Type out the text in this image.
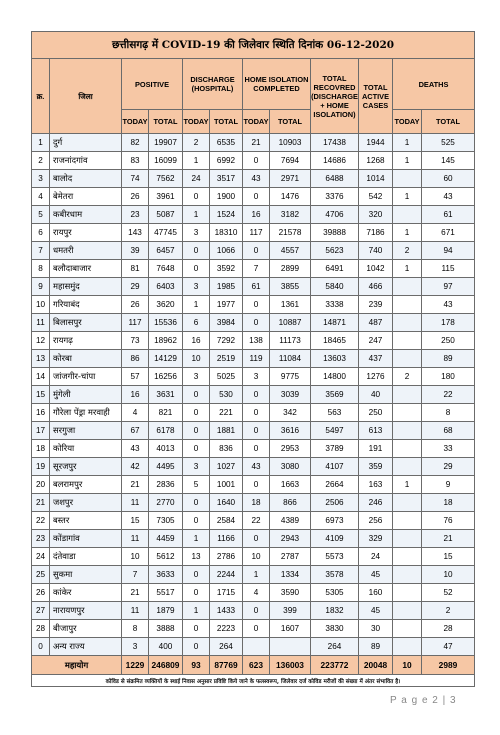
छत्तीसगढ़ में COVID-19 की जिलेवार स्थिति दिनांक 06-12-2020											
क्र.	जिला	POSITIVE		DISCHARGE (HOSPITAL)		HOME ISOLATION COMPLETED		TOTAL RECOVRED (DISCHARGE + HOME ISOLATION)	TOTAL ACTIVE CASES	DEATHS	
		TODAY	TOTAL	TODAY	TOTAL	TODAY	TOTAL			TODAY	TOTAL
1	दुर्ग	82	19907	2	6535	21	10903	17438	1944	1	525
2	राजनांदगांव	83	16099	1	6992	0	7694	14686	1268	1	145
3	बालोद	74	7562	24	3517	43	2971	6488	1014		60
4	बेमेतरा	26	3961	0	1900	0	1476	3376	542	1	43
5	कबीरधाम	23	5087	1	1524	16	3182	4706	320		61
6	रायपुर	143	47745	3	18310	117	21578	39888	7186	1	671
7	धमतरी	39	6457	0	1066	0	4557	5623	740	2	94
8	बलौदाबाजार	81	7648	0	3592	7	2899	6491	1042	1	115
9	महासमुंद	29	6403	3	1985	61	3855	5840	466		97
10	गरियाबंद	26	3620	1	1977	0	1361	3338	239		43
11	बिलासपुर	117	15536	6	3984	0	10887	14871	487		178
12	रायगढ़	73	18962	16	7292	138	11173	18465	247		250
13	कोरबा	86	14129	10	2519	119	11084	13603	437		89
14	जांजगीर-चांपा	57	16256	3	5025	3	9775	14800	1276	2	180
15	मुंगेली	16	3631	0	530	0	3039	3569	40		22
16	गौरेला पेंड्रा मरवाही	4	821	0	221	0	342	563	250		8
17	सरगुजा	67	6178	0	1881	0	3616	5497	613		68
18	कोरिया	43	4013	0	836	0	2953	3789	191		33
19	सूरजपुर	42	4495	3	1027	43	3080	4107	359		29
20	बलरामपुर	21	2836	5	1001	0	1663	2664	163	1	9
21	जशपुर	11	2770	0	1640	18	866	2506	246		18
22	बस्तर	15	7305	0	2584	22	4389	6973	256		76
23	कोंडागांव	11	4459	1	1166	0	2943	4109	329		21
24	दंतेवाडा	10	5612	13	2786	10	2787	5573	24		15
25	सुकमा	7	3633	0	2244	1	1334	3578	45		10
26	कांकेर	21	5517	0	1715	4	3590	5305	160		52
27	नारायणपुर	11	1879	1	1433	0	399	1832	45		2
28	बीजापुर	8	3888	0	2223	0	1607	3830	30		28
0	अन्य राज्य	3	400	0	264			264	89		47
महायोग		1229	246809	93	87769	623	136003	223772	20048	10	2989
कोविड से संक्रमित व्यक्तियों के स्थाई निवास अनुसार प्रविष्टि किये जाने के फलस्वरूप, जिलेवार दर्ज कोविड मरीजों की संख्या में अंतर संभावित है।											
P a g e 2 | 3
